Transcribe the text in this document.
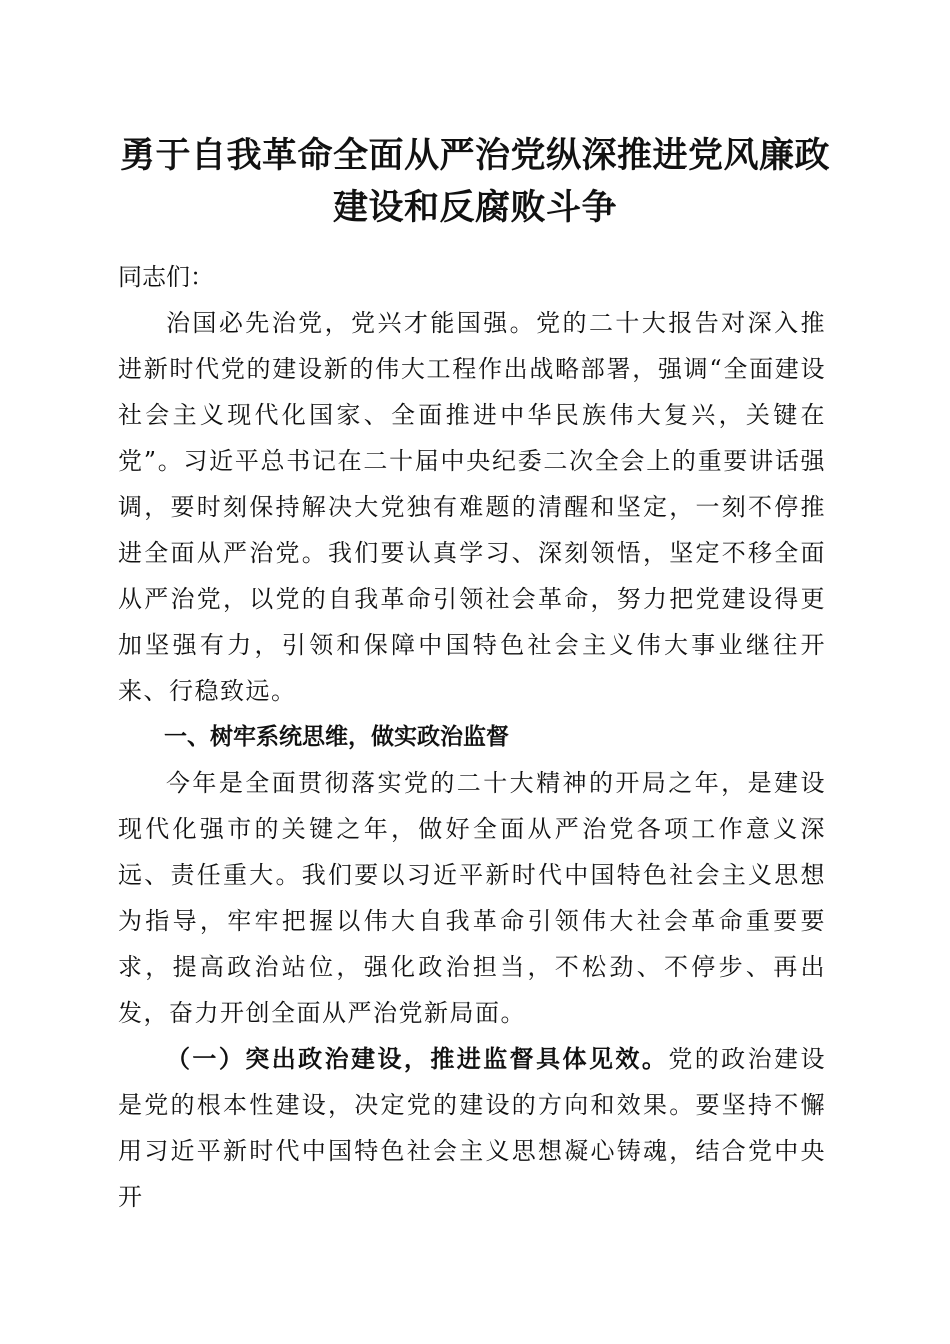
勇于自我革命全面从严治党纵深推进党风廉政
建设和反腐败斗争

同志们：

治国必先治党，党兴才能国强。党的二十大报告对深入推进新时代党的建设新的伟大工程作出战略部署，强调“全面建设社会主义现代化国家、全面推进中华民族伟大复兴，关键在党”。习近平总书记在二十届中央纪委二次全会上的重要讲话强调，要时刻保持解决大党独有难题的清醒和坚定，一刻不停推进全面从严治党。我们要认真学习、深刻领悟，坚定不移全面从严治党，以党的自我革命引领社会革命，努力把党建设得更加坚强有力，引领和保障中国特色社会主义伟大事业继往开来、行稳致远。

一、树牢系统思维，做实政治监督

今年是全面贯彻落实党的二十大精神的开局之年，是建设现代化强市的关键之年，做好全面从严治党各项工作意义深远、责任重大。我们要以习近平新时代中国特色社会主义思想为指导，牢牢把握以伟大自我革命引领伟大社会革命重要要求，提高政治站位，强化政治担当，不松劲、不停步、再出发，奋力开创全面从严治党新局面。

（一）突出政治建设，推进监督具体见效。党的政治建设是党的根本性建设，决定党的建设的方向和效果。要坚持不懈用习近平新时代中国特色社会主义思想凝心铸魂，结合党中央开
